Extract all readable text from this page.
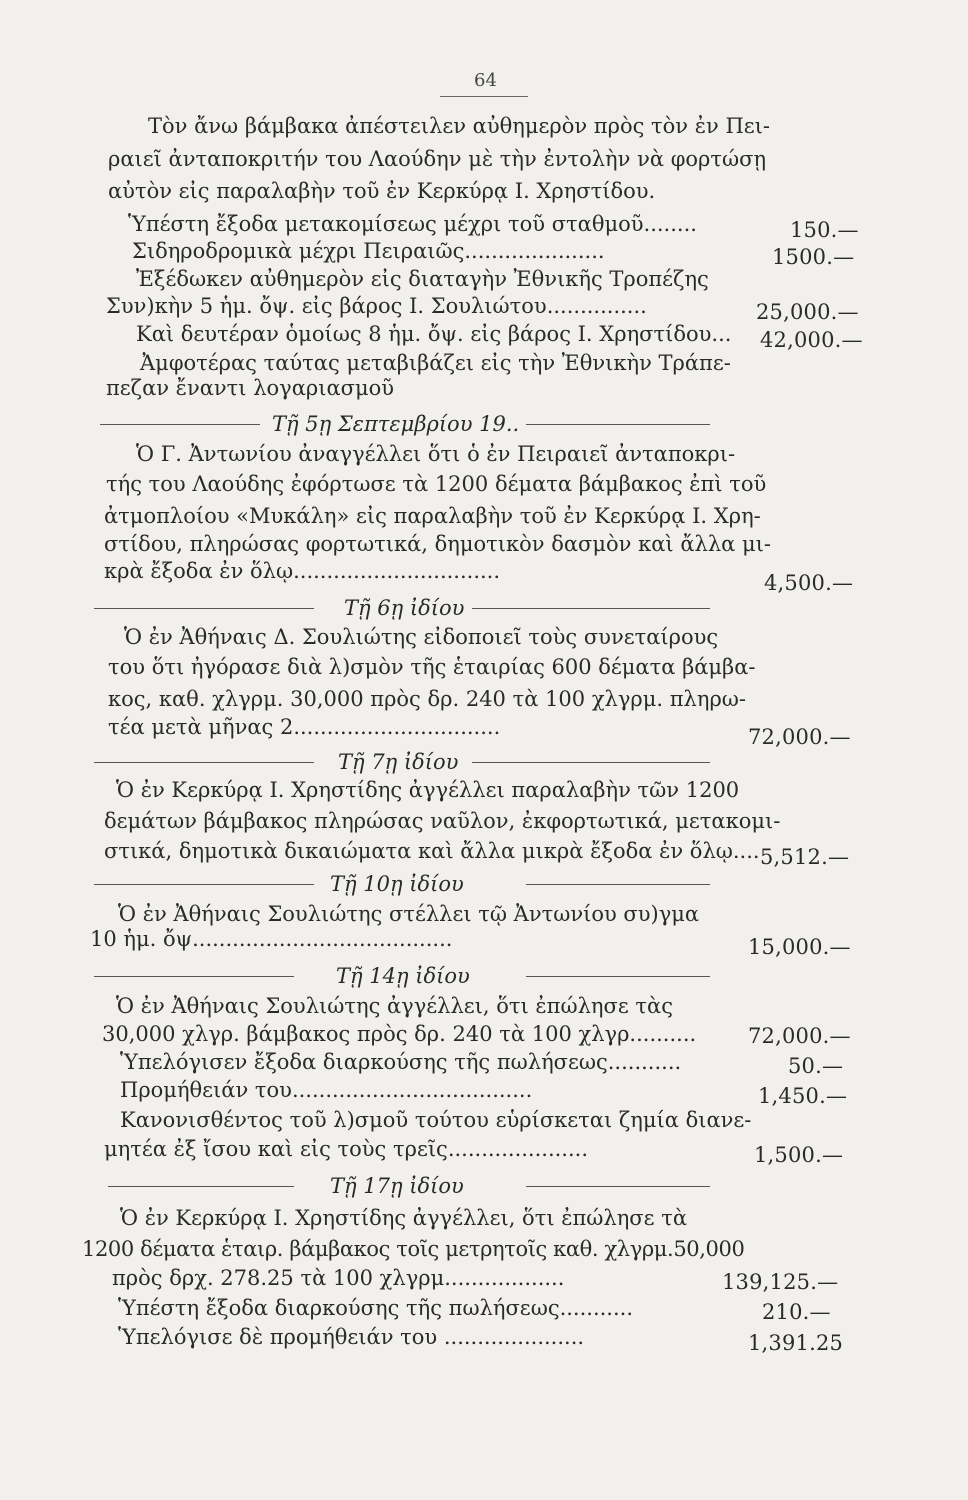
64
Τὸν ἄνω βάμβακα ἀπέστειλεν αὐθημερὸν πρὸς τὸν ἐν Πει-
ραιεῖ ἀνταποκριτήν του Λαούδην μὲ τὴν ἐντολὴν νὰ φορτώσῃ
αὐτὸν εἰς παραλαβὴν τοῦ ἐν Κερκύρᾳ Ι. Χρηστίδου.
Ὑπέστη ἔξοδα μετακομίσεως μέχρι τοῦ σταθμοῦ........	150.—
Σιδηροδρομικὰ μέχρι Πειραιῶς.....................	1500.—
Ἐξέδωκεν αὐθημερὸν εἰς διαταγὴν Ἐθνικῆς Τροπέζης
Συν)κὴν 5 ἡμ. ὄψ. εἰς βάρος Ι. Σουλιώτου...............	25,000.—
Καὶ δευτέραν ὁμοίως 8 ἡμ. ὄψ. εἰς βάρος Ι. Χρηστίδου... 42,000.—
Ἀμφοτέρας ταύτας μεταβιβάζει εἰς τὴν Ἐθνικὴν Τράπε-
πεζαν ἔναντι λογαριασμοῦ
Τῇ 5ῃ Σεπτεμβρίου 19..
Ὁ Γ. Ἀντωνίου ἀναγγέλλει ὅτι ὁ ἐν Πειραιεῖ ἀνταποκρι-
τής του Λαούδης ἐφόρτωσε τὰ 1200 δέματα βάμβακος ἐπὶ τοῦ
ἀτμοπλοίου «Μυκάλη» εἰς παραλαβὴν τοῦ ἐν Κερκύρᾳ Ι. Χρη-
στίδου, πληρώσας φορτωτικά, δημοτικὸν δασμὸν καὶ ἄλλα μι-
κρὰ ἔξοδα ἐν ὅλῳ...............................	4,500.—
Τῇ 6ῃ ἰδίου
Ὁ ἐν Ἀθήναις Δ. Σουλιώτης εἰδοποιεῖ τοὺς συνεταίρους
του ὅτι ἠγόρασε διὰ λ)σμὸν τῆς ἑταιρίας 600 δέματα βάμβα-
κος, καθ. χλγρμ. 30,000 πρὸς δρ. 240 τὰ 100 χλγρμ. πληρω-
τέα μετὰ μῆνας 2...............................	72,000.—
Τῇ 7ῃ ἰδίου
Ὁ ἐν Κερκύρᾳ Ι. Χρηστίδης ἀγγέλλει παραλαβὴν τῶν 1200
δεμάτων βάμβακος πληρώσας ναῦλον, ἐκφορτωτικά, μετακομι-
στικά, δημοτικὰ δικαιώματα καὶ ἄλλα μικρὰ ἔξοδα ἐν ὅλῳ.... 5,512.—
Τῇ 10ῃ ἰδίου
Ὁ ἐν Ἀθήναις Σουλιώτης στέλλει τῷ Ἀντωνίου συ)γμα
10 ἡμ. ὄψ.......................................	15,000.—
Τῇ 14ῃ ἰδίου
Ὁ ἐν Ἀθήναις Σουλιώτης ἀγγέλλει, ὅτι ἐπώλησε τὰς
30,000 χλγρ. βάμβακος πρὸς δρ. 240 τὰ 100 χλγρ.......... 72,000.—
Ὑπελόγισεν ἔξοδα διαρκούσης τῆς πωλήσεως...........	50.—
Προμήθειάν του....................................	1,450.—
Κανονισθέντος τοῦ λ)σμοῦ τούτου εὑρίσκεται ζημία διανε-
μητέα ἐξ ἴσου καὶ εἰς τοὺς τρεῖς.....................	1,500.—
Τῇ 17ῃ ἰδίου
Ὁ ἐν Κερκύρᾳ Ι. Χρηστίδης ἀγγέλλει, ὅτι ἐπώλησε τὰ
1200 δέματα ἑταιρ. βάμβακος τοῖς μετρητοῖς καθ. χλγρμ.50,000
πρὸς δρχ. 278.25 τὰ 100 χλγρμ..................	139,125.—
Ὑπέστη ἔξοδα διαρκούσης τῆς πωλήσεως...........	210.—
Ὑπελόγισε δὲ προμήθειάν του .....................	1,391.25
